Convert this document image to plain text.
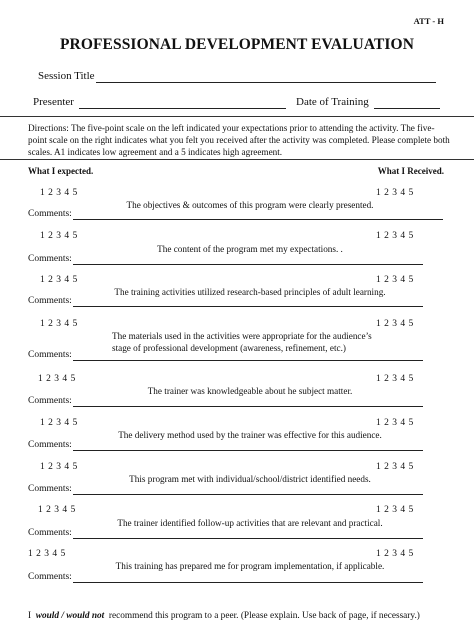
ATT - H
PROFESSIONAL DEVELOPMENT EVALUATION
Session Title
Presenter	Date of Training
Directions: The five-point scale on the left indicated your expectations prior to attending the activity. The five-point scale on the right indicates what you felt you received after the activity was completed. Please complete both scales. A1 indicates low agreement and a 5 indicates high agreement.
What I expected.	What I Received.
1 2 3 4 5	1 2 3 4 5
The objectives & outcomes of this program were clearly presented.
Comments:
1 2 3 4 5	1 2 3 4 5
The content of the program met my expectations. .
Comments:
1 2 3 4 5	1 2 3 4 5
The training activities utilized research-based principles of adult learning.
Comments:
1 2 3 4 5	1 2 3 4 5
The materials used in the activities were appropriate for the audience’s stage of professional development (awareness, refinement, etc.)
Comments:
1 2 3 4 5	1 2 3 4 5
The trainer was knowledgeable about he subject matter.
Comments:
1 2 3 4 5	1 2 3 4 5
The delivery method used by the trainer was effective for this audience.
Comments:
1 2 3 4 5	1 2 3 4 5
This program met with individual/school/district identified needs.
Comments:
1 2 3 4 5	1 2 3 4 5
The trainer identified follow-up activities that are relevant and practical.
Comments:
1 2 3 4 5	1 2 3 4 5
This training has prepared me for program implementation, if applicable.
Comments:
I would / would not recommend this program to a peer. (Please explain. Use back of page, if necessary.)
